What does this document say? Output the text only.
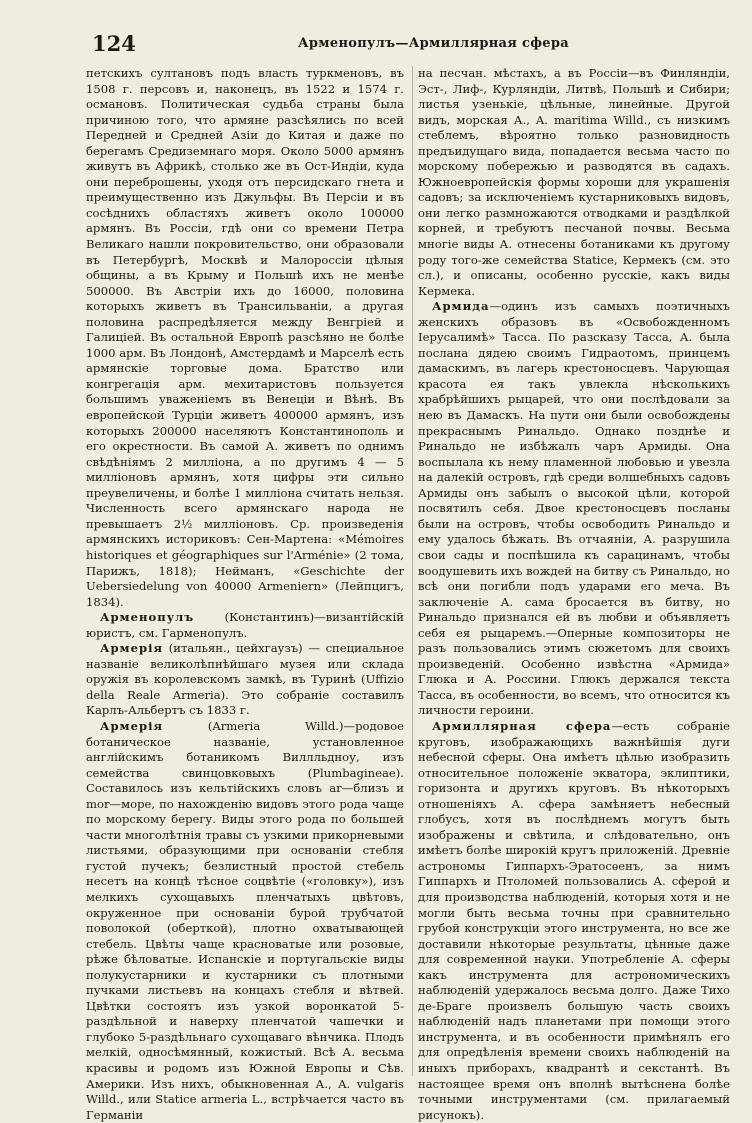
124	Арменопулъ—Армиллярная сфера

петскихъ султановъ подъ власть туркменовъ, въ 1508 г. персовъ и, наконецъ, въ 1522 и 1574 г. османовъ. Политическая судьба страны была причиною того, что армяне разсѣялись по всей Передней и Средней Азіи до Китая и даже по берегамъ Средиземнаго моря. Около 5000 армянъ живутъ въ Африкѣ, столько же въ Ост-Индіи, куда они переброшены, уходя отъ персидскаго гнета и преимущественно изъ Джульфы. Въ Персіи и въ сосѣднихъ областяхъ живетъ около 100000 армянъ. Въ Россіи, гдѣ они со времени Петра Великаго нашли покровительство, они образовали въ Петербургѣ, Москвѣ и Малороссіи цѣлыя общины, а въ Крыму и Польшѣ ихъ не менѣе 500000. Въ Австріи ихъ до 16000, половина которыхъ живетъ въ Трансильваніи, а другая половина распредѣляется между Венгріей и Галиціей. Въ остальной Европѣ разсѣяно не болѣе 1000 арм. Въ Лондонѣ, Амстердамѣ и Марселѣ есть армянскіе торговые дома. Братство или конгрегація арм. мехитаристовъ пользуется большимъ уваженіемъ въ Венеціи и Вѣнѣ. Въ европейской Турціи живетъ 400000 армянъ, изъ которыхъ 200000 населяютъ Константинополь и его окрестности. Въ самой А. живетъ по однимъ свѣдѣніямъ 2 милліона, а по другимъ 4 — 5 милліоновъ армянъ, хотя цифры эти сильно преувеличены, и болѣе 1 милліона считать нельзя. Численность всего армянскаго народа не превышаетъ 2½ милліоновъ. Ср. произведенія армянскихъ историковъ: Сен-Мартена: «Mémoires historiques et géographiques sur l'Arménie» (2 тома, Парижъ, 1818); Нейманъ, «Geschichte der Uebersiedelung von 40000 Armeniern» (Лейпцигъ, 1834).

Арменопулъ (Константинъ)—византійскій юристъ, см. Гарменопулъ.

Армерія (итальян., цейхгаузъ) — специальное названіе великолѣпнѣйшаго музея или склада оружія въ королевскомъ замкѣ, въ Туринѣ (Uffizio della Reale Armeria). Это собраніе составилъ Карлъ-Альбертъ съ 1833 г.

Армерія (Armeria Willd.)—родовое ботаническое названіе, установленное англійскимъ ботаникомъ Виллльдноу, изъ семейства свинцовковыхъ (Plumbagineae). Составилось изъ кельтійскихъ словъ ar—близъ и mor—море, по нахожденію видовъ этого рода чаще по морскому берегу. Виды этого рода по большей части многолѣтнія травы съ узкими прикорневыми листьями, образующими при основаніи стебля густой пучекъ; безлистный простой стебель несетъ на концѣ тѣсное соцвѣтіе («головку»), изъ мелкихъ сухощавыхъ пленчатыхъ цвѣтовъ, окруженное при основаніи бурой трубчатой поволокой (оберткой), плотно охватывающей стебель. Цвѣты чаще красноватые или розовые, рѣже бѣловатые. Испанскіе и португальскіе виды полукустарники и кустарники съ плотными пучками листьевъ на концахъ стебля и вѣтвей. Цвѣтки состоятъ изъ узкой воронкатой 5-раздѣльной и наверху пленчатой чашечки и глубоко 5-раздѣльнаго сухощаваго вѣнчика. Плодъ мелкій, односѣмянный, кожистый. Всѣ А. весьма красивы и родомъ изъ Южной Европы и Сѣв. Америки. Изъ нихъ, обыкновенная А., A. vulgaris Willd., или Statice armeria L., встрѣчается часто въ Германіи

на песчан. мѣстахъ, а въ Россіи—въ Финляндіи, Эст-, Лиф-, Курляндіи, Литвѣ, Польшѣ и Сибири; листья узенькіе, цѣльные, линейные. Другой видъ, морская А., A. maritima Willd., съ низкимъ стеблемъ, вѣроятно только разновидность предъидущаго вида, попадается весьма часто по морскому побережью и разводятся въ садахъ. Южноевропейскія формы хороши для украшенія садовъ; за исключеніемъ кустарниковыхъ видовъ, они легко размножаются отводками и раздѣлкой корней, и требуютъ песчаной почвы. Весьма многіе виды А. отнесены ботаниками къ другому роду того-же семейства Statice, Кермекъ (см. это сл.), и описаны, особенно русскіе, какъ виды Кермека.

Армида—одинъ изъ самыхъ поэтичныхъ женскихъ образовъ въ «Освобожденномъ Іерусалимѣ» Тасса. По разсказу Тасса, А. была послана дядею своимъ Гидраотомъ, принцемъ дамаскимъ, въ лагерь крестоносцевъ. Чарующая красота ея такъ увлекла нѣсколькихъ храбрѣйшихъ рыцарей, что они послѣдовали за нею въ Дамаскъ. На пути они были освобождены прекраснымъ Ринальдо. Однако позднѣе и Ринальдо не избѣжалъ чаръ Армиды. Она воспылала къ нему пламенной любовью и увезла на далекій островъ, гдѣ среди волшебныхъ садовъ Армиды онъ забылъ о высокой цѣли, которой посвятилъ себя. Двое крестоносцевъ посланы были на островъ, чтобы освободить Ринальдо и ему удалось бѣжать. Въ отчаяніи, А. разрушила свои сады и поспѣшила къ сарацинамъ, чтобы воодушевить ихъ вождей на битву съ Ринальдо, но всѣ они погибли подъ ударами его меча. Въ заключеніе А. сама бросается въ битву, но Ринальдо признался ей въ любви и объявляетъ себя ея рыцаремъ.—Оперные композиторы не разъ пользовались этимъ сюжетомъ для своихъ произведеній. Особенно извѣстна «Армида» Глюка и А. Россини. Глюкъ держался текста Тасса, въ особенности, во всемъ, что относится къ личности героини.

Армиллярная сфера—есть собраніе круговъ, изображающихъ важнѣйшія дуги небесной сферы. Она имѣетъ цѣлью изобразить относительное положеніе экватора, эклиптики, горизонта и другихъ круговъ. Въ нѣкоторыхъ отношеніяхъ А. сфера замѣняетъ небесный глобусъ, хотя въ послѣднемъ могутъ быть изображены и свѣтила, и слѣдовательно, онъ имѣетъ болѣе широкій кругъ приложеній. Древніе астрономы Гиппархъ-Эратосѳенъ, за нимъ Гиппархъ и Птоломей пользовались А. сферой и для производства наблюденій, которыя хотя и не могли быть весьма точны при сравнительно грубой конструкціи этого инструмента, но все же доставили нѣкоторые результаты, цѣнные даже для современной науки. Употребленіе А. сферы какъ инструмента для астрономическихъ наблюденій удержалось весьма долго. Даже Тихо де-Браге произвелъ большую часть своихъ наблюденій надъ планетами при помощи этого инструмента, и въ особенности примѣнялъ его для опредѣленія времени своихъ наблюденій на иныхъ приборахъ, квадрантѣ и секстантѣ. Въ настоящее время онъ вполнѣ вытѣснена болѣе точными инструментами (см. прилагаемый рисунокъ).
